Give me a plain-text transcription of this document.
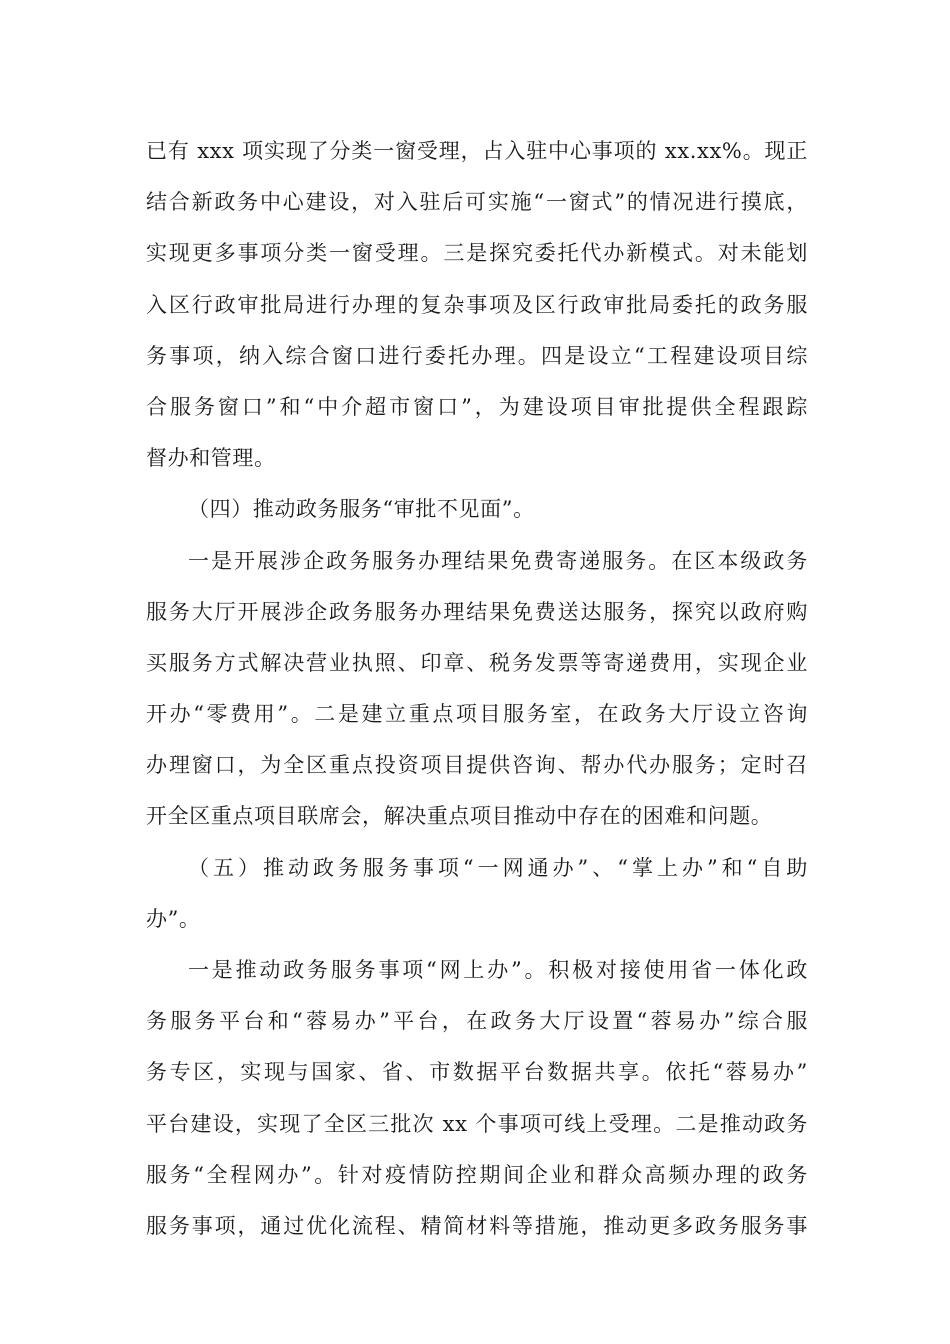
已有 xxx 项实现了分类一窗受理，占入驻中心事项的 xx.xx%。现正
结合新政务中心建设，对入驻后可实施“一窗式”的情况进行摸底，
实现更多事项分类一窗受理。三是探究委托代办新模式。对未能划
入区行政审批局进行办理的复杂事项及区行政审批局委托的政务服
务事项，纳入综合窗口进行委托办理。四是设立“工程建设项目综
合服务窗口”和“中介超市窗口”，为建设项目审批提供全程跟踪
督办和管理。
（四）推动政务服务“审批不见面”。
一是开展涉企政务服务办理结果免费寄递服务。在区本级政务
服务大厅开展涉企政务服务办理结果免费送达服务，探究以政府购
买服务方式解决营业执照、印章、税务发票等寄递费用，实现企业
开办“零费用”。二是建立重点项目服务室，在政务大厅设立咨询
办理窗口，为全区重点投资项目提供咨询、帮办代办服务；定时召
开全区重点项目联席会，解决重点项目推动中存在的困难和问题。
（五）推动政务服务事项“一网通办”、“掌上办”和“自助
办”。
一是推动政务服务事项“网上办”。积极对接使用省一体化政
务服务平台和“蓉易办”平台，在政务大厅设置“蓉易办”综合服
务专区，实现与国家、省、市数据平台数据共享。依托“蓉易办”
平台建设，实现了全区三批次 xx 个事项可线上受理。二是推动政务
服务“全程网办”。针对疫情防控期间企业和群众高频办理的政务
服务事项，通过优化流程、精简材料等措施，推动更多政务服务事
